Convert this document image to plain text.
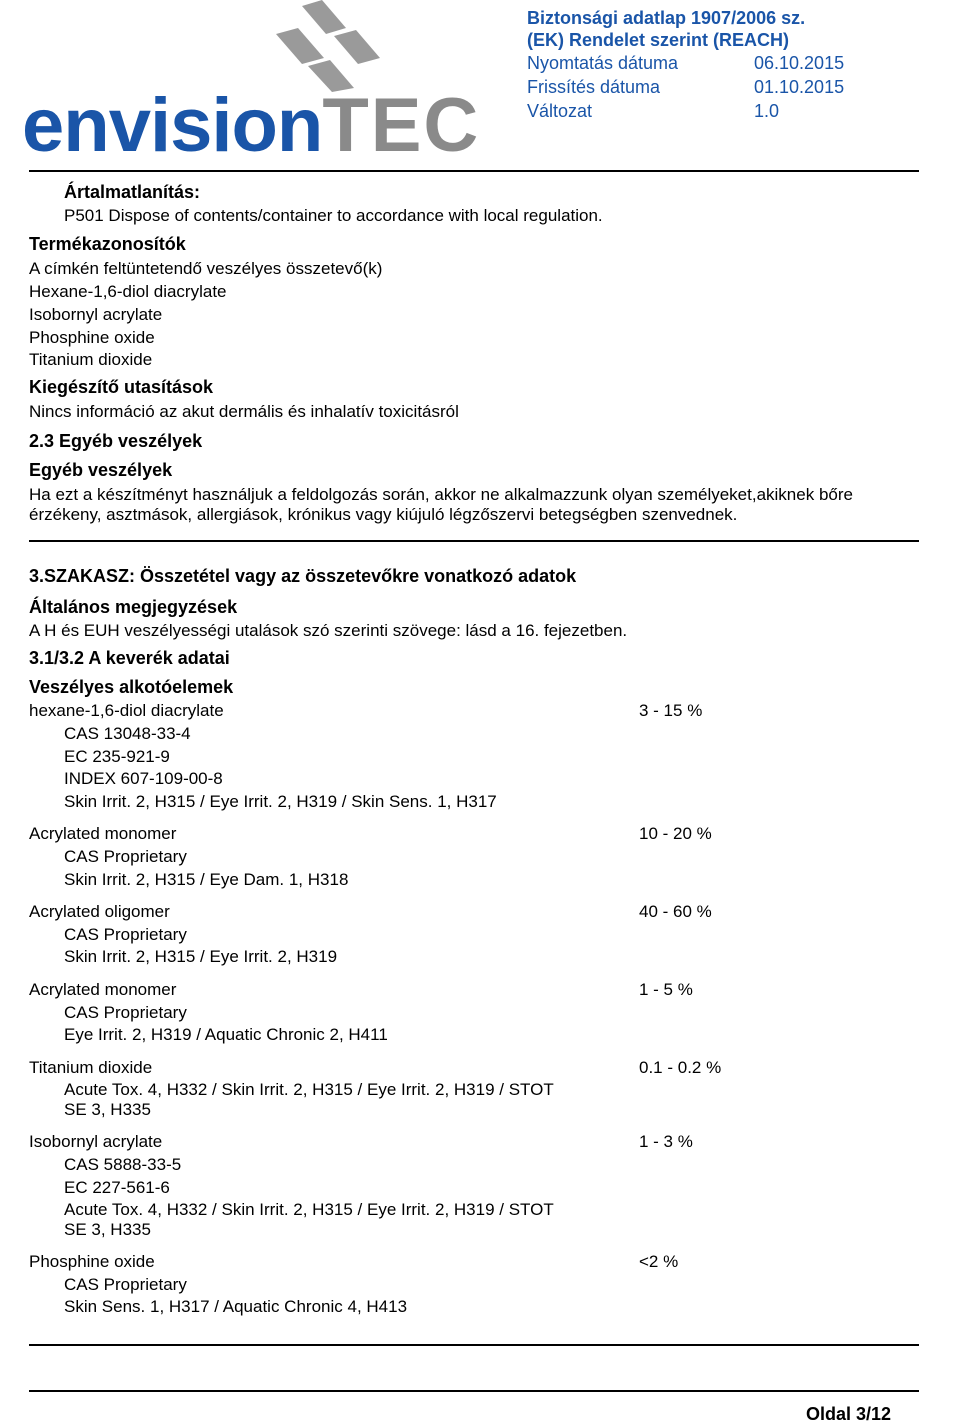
envisionTEC
Biztonsági adatlap 1907/2006 sz.
(EK) Rendelet szerint (REACH)
Nyomtatás dátuma	06.10.2015
Frissítés dátuma	01.10.2015
Változat	1.0
Ártalmatlanítás:
P501 Dispose of contents/container to accordance with local regulation.
Termékazonosítók
A címkén feltüntetendő veszélyes összetevő(k)
Hexane-1,6-diol diacrylate
Isobornyl acrylate
Phosphine oxide
Titanium dioxide
Kiegészítő utasítások
Nincs információ az akut dermális és inhalatív toxicitásról
2.3 Egyéb veszélyek
Egyéb veszélyek
Ha ezt a készítményt használjuk a feldolgozás során, akkor ne alkalmazzunk olyan személyeket,akiknek bőre
érzékeny, asztmások, allergiások, krónikus vagy kiújuló légzőszervi betegségben szenvednek.
3.SZAKASZ: Összetétel vagy az összetevőkre vonatkozó adatok
Általános megjegyzések
A H és EUH veszélyességi utalások szó szerinti szövege: lásd a 16. fejezetben.
3.1/3.2 A keverék adatai
Veszélyes alkotóelemek
hexane-1,6-diol diacrylate	3 - 15 %
CAS 13048-33-4
EC 235-921-9
INDEX 607-109-00-8
Skin Irrit. 2, H315 / Eye Irrit. 2, H319 / Skin Sens. 1, H317
Acrylated monomer	10 - 20 %
CAS Proprietary
Skin Irrit. 2, H315 / Eye Dam. 1, H318
Acrylated oligomer	40 - 60 %
CAS Proprietary
Skin Irrit. 2, H315 / Eye Irrit. 2, H319
Acrylated monomer	1 - 5 %
CAS Proprietary
Eye Irrit. 2, H319 / Aquatic Chronic 2, H411
Titanium dioxide	0.1 - 0.2 %
Acute Tox. 4, H332 / Skin Irrit. 2, H315 / Eye Irrit. 2, H319 / STOT
SE 3, H335
Isobornyl acrylate	1 - 3 %
CAS 5888-33-5
EC 227-561-6
Acute Tox. 4, H332 / Skin Irrit. 2, H315 / Eye Irrit. 2, H319 / STOT
SE 3, H335
Phosphine oxide	<2 %
CAS Proprietary
Skin Sens. 1, H317 / Aquatic Chronic 4, H413
Oldal 3/12
